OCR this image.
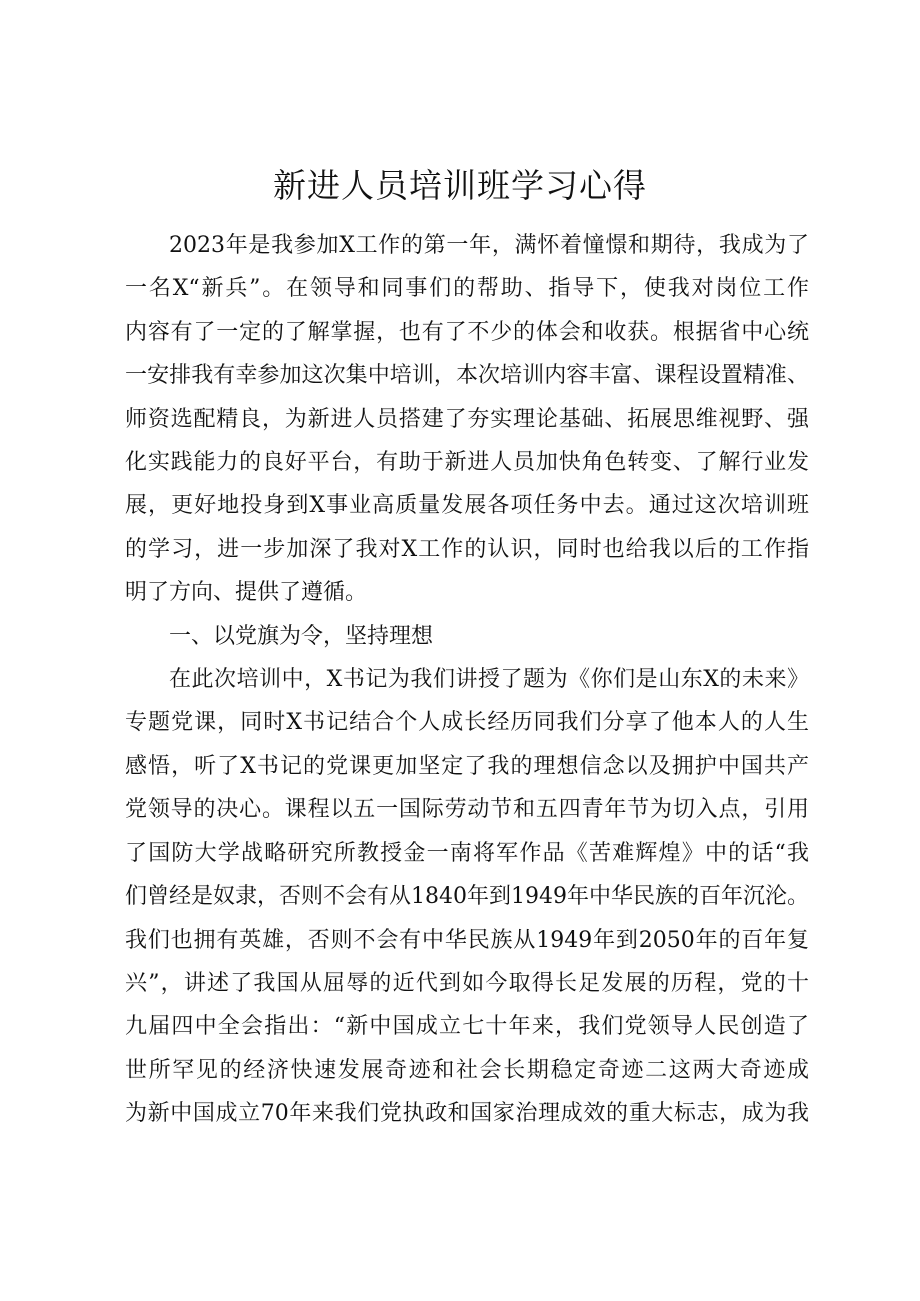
新进人员培训班学习心得
2023年是我参加X工作的第一年，满怀着憧憬和期待，我成为了
一名X“新兵”。在领导和同事们的帮助、指导下，使我对岗位工作
内容有了一定的了解掌握，也有了不少的体会和收获。根据省中心统
一安排我有幸参加这次集中培训，本次培训内容丰富、课程设置精准、
师资选配精良，为新进人员搭建了夯实理论基础、拓展思维视野、强
化实践能力的良好平台，有助于新进人员加快角色转变、了解行业发
展，更好地投身到X事业高质量发展各项任务中去。通过这次培训班
的学习，进一步加深了我对X工作的认识，同时也给我以后的工作指
明了方向、提供了遵循。
一、以党旗为令，坚持理想
在此次培训中，X书记为我们讲授了题为《你们是山东X的未来》
专题党课，同时X书记结合个人成长经历同我们分享了他本人的人生
感悟，听了X书记的党课更加坚定了我的理想信念以及拥护中国共产
党领导的决心。课程以五一国际劳动节和五四青年节为切入点，引用
了国防大学战略研究所教授金一南将军作品《苦难辉煌》中的话“我
们曾经是奴隶，否则不会有从1840年到1949年中华民族的百年沉沦。
我们也拥有英雄，否则不会有中华民族从1949年到2050年的百年复
兴”，讲述了我国从屈辱的近代到如今取得长足发展的历程，党的十
九届四中全会指出：“新中国成立七十年来，我们党领导人民创造了
世所罕见的经济快速发展奇迹和社会长期稳定奇迹二这两大奇迹成
为新中国成立70年来我们党执政和国家治理成效的重大标志，成为我
